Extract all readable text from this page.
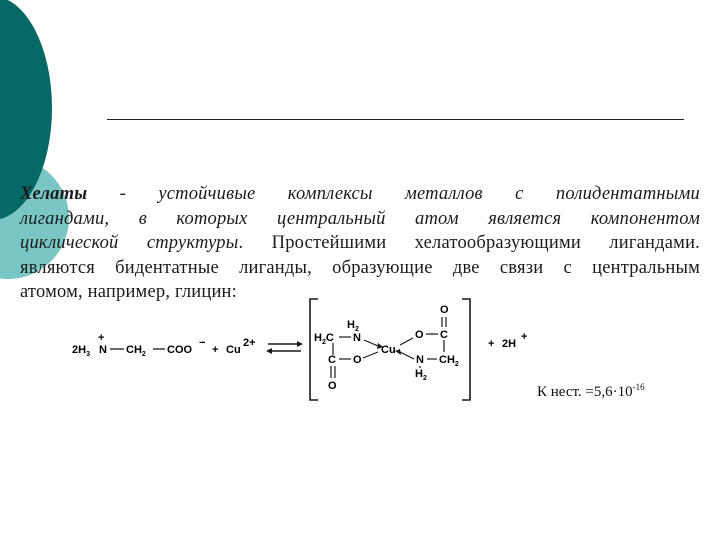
Хелаты - устойчивые комплексы металлов с полидентатными
лигандами, в которых центральный атом является компонентом
циклической структуры. Простейшими хелатообразующими лигандами.
являются бидентатные лиганды, образующие две связи с центральным
атомом, например, глицин:
$2H_3$
+
N $CH_2$ COO
−
+ Cu
2+
$H_2$
$H_2C$ N
C O
O
Cu
O C
O
N $CH_2$
$H_2$
+ 2H
+
К нест. $=5,6\cdot 10^{-16}$
